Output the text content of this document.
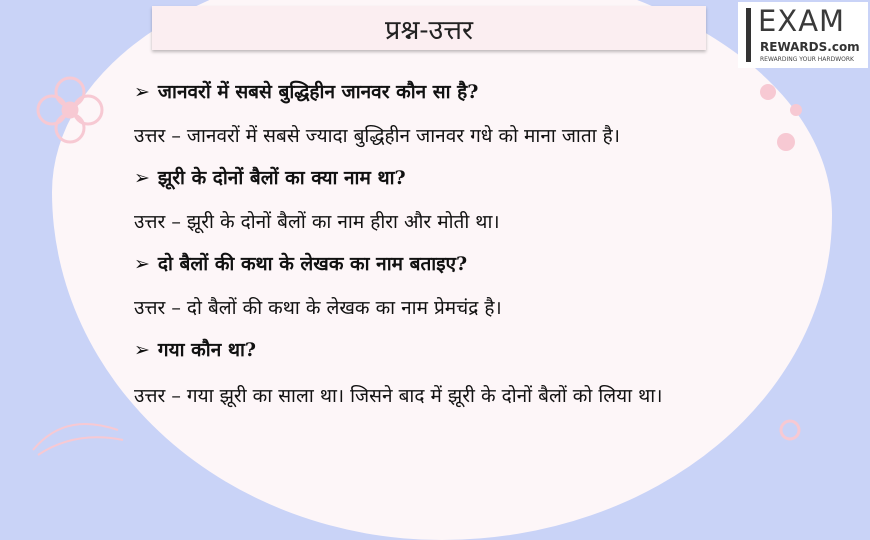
प्रश्न-उत्तर	EXAM
REWARDS.com
REWARDING YOUR HARDWORK
➢ जानवरों में सबसे बुद्धिहीन जानवर कौन सा है?
उत्तर – जानवरों में सबसे ज्यादा बुद्धिहीन जानवर गधे को माना जाता है।
➢ झूरी के दोनों बैलों का क्या नाम था?
उत्तर – झूरी के दोनों बैलों का नाम हीरा और मोती था।
➢ दो बैलों की कथा के लेखक का नाम बताइए?
उत्तर – दो बैलों की कथा के लेखक का नाम प्रेमचंद्र है।
➢ गया कौन था?
उत्तर – गया झूरी का साला था। जिसने बाद में झूरी के दोनों बैलों को लिया था।
